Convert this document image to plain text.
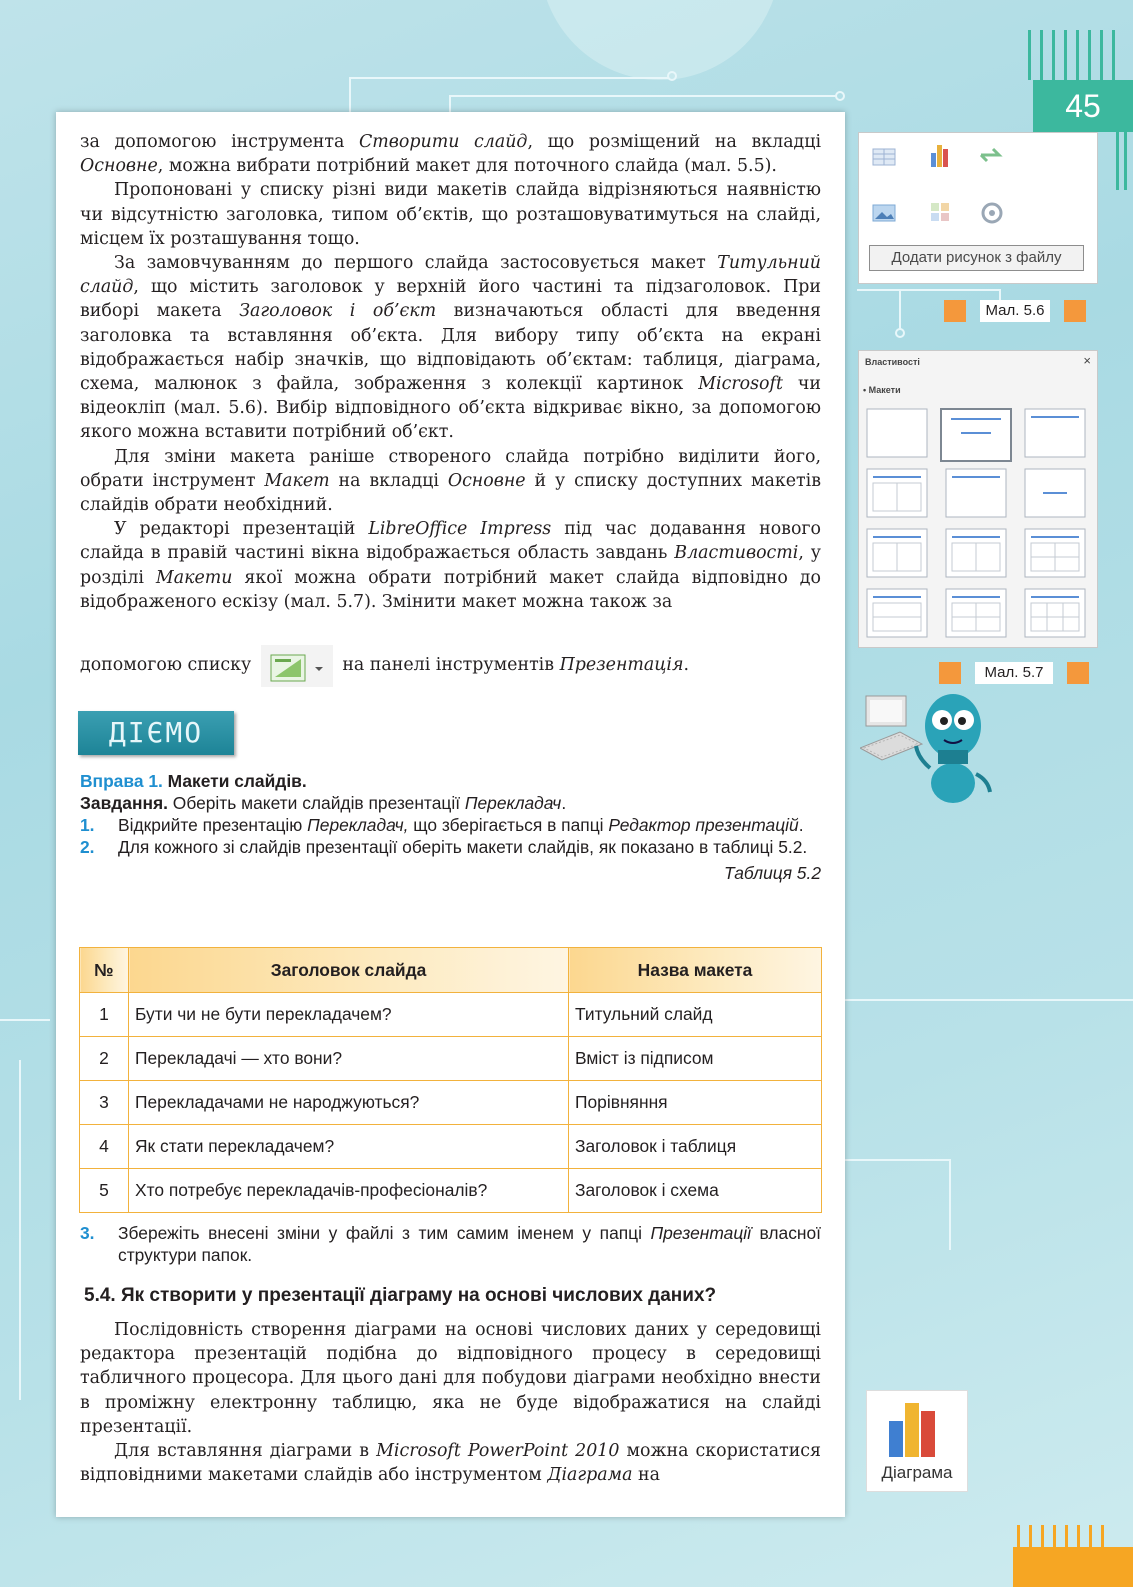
45

за допомогою інструмента Створити слайд, що розміщений на вкладці Основне, можна вибрати потрібний макет для поточного слайда (мал. 5.5).

Пропоновані у списку різні види макетів слайда відрізняються наявністю чи відсутністю заголовка, типом об’єктів, що розташовуватимуться на слайді, місцем їх розташування тощо.

За замовчуванням до першого слайда застосовується макет Титульний слайд, що містить заголовок у верхній його частині та підзаголовок. При виборі макета Заголовок і об’єкт визначаються області для введення заголовка та вставляння об’єкта. Для вибору типу об’єкта на екрані відображається набір значків, що відповідають об’єктам: таблиця, діаграма, схема, малюнок з файла, зображення з колекції картинок Microsoft чи відеокліп (мал. 5.6). Вибір відповідного об’єкта відкриває вікно, за допомогою якого можна вставити потрібний об’єкт.

Для зміни макета раніше створеного слайда потрібно виділити його, обрати інструмент Макет на вкладці Основне й у списку доступних макетів слайдів обрати необхідний.

У редакторі презентацій LibreOffice Impress під час додавання нового слайда в правій частині вікна відображається область завдань Властивості, у розділі Макети якої можна обрати потрібний макет слайда відповідно до відображеного ескізу (мал. 5.7). Змінити макет можна також за

допомогою списку	на панелі інструментів Презентація.
Додати рисунок з файлу
Мал. 5.6
Властивості	×
• Макети
Мал. 5.7
ДІЄМО
Вправа 1. Макети слайдів.
Завдання. Оберіть макети слайдів презентації Перекладач.
1.	Відкрийте презентацію Перекладач, що зберігається в папці Редактор презентацій.
2.	Для кожного зі слайдів презентації оберіть макети слайдів, як показано в таблиці 5.2.
Таблиця 5.2
№	Заголовок слайда	Назва макета
1	Бути чи не бути перекладачем?	Титульний слайд
2	Перекладачі — хто вони?	Вміст із підписом
3	Перекладачами не народжуються?	Порівняння
4	Як стати перекладачем?	Заголовок і таблиця
5	Хто потребує перекладачів-професіоналів?	Заголовок і схема
3.	Збережіть внесені зміни у файлі з тим самим іменем у папці Презентації власної структури папок.
5.4. Як створити у презентації діаграму на основі числових даних?

Послідовність створення діаграми на основі числових даних у середовищі редактора презентацій подібна до відповідного процесу в середовищі табличного процесора. Для цього дані для побудови діаграми необхідно внести в проміжну електронну таблицю, яка не буде відображатися на слайді презентації.

Для вставляння діаграми в Microsoft PowerPoint 2010 можна скористатися відповідними макетами слайдів або інструментом Діаграма на	Діаграма
